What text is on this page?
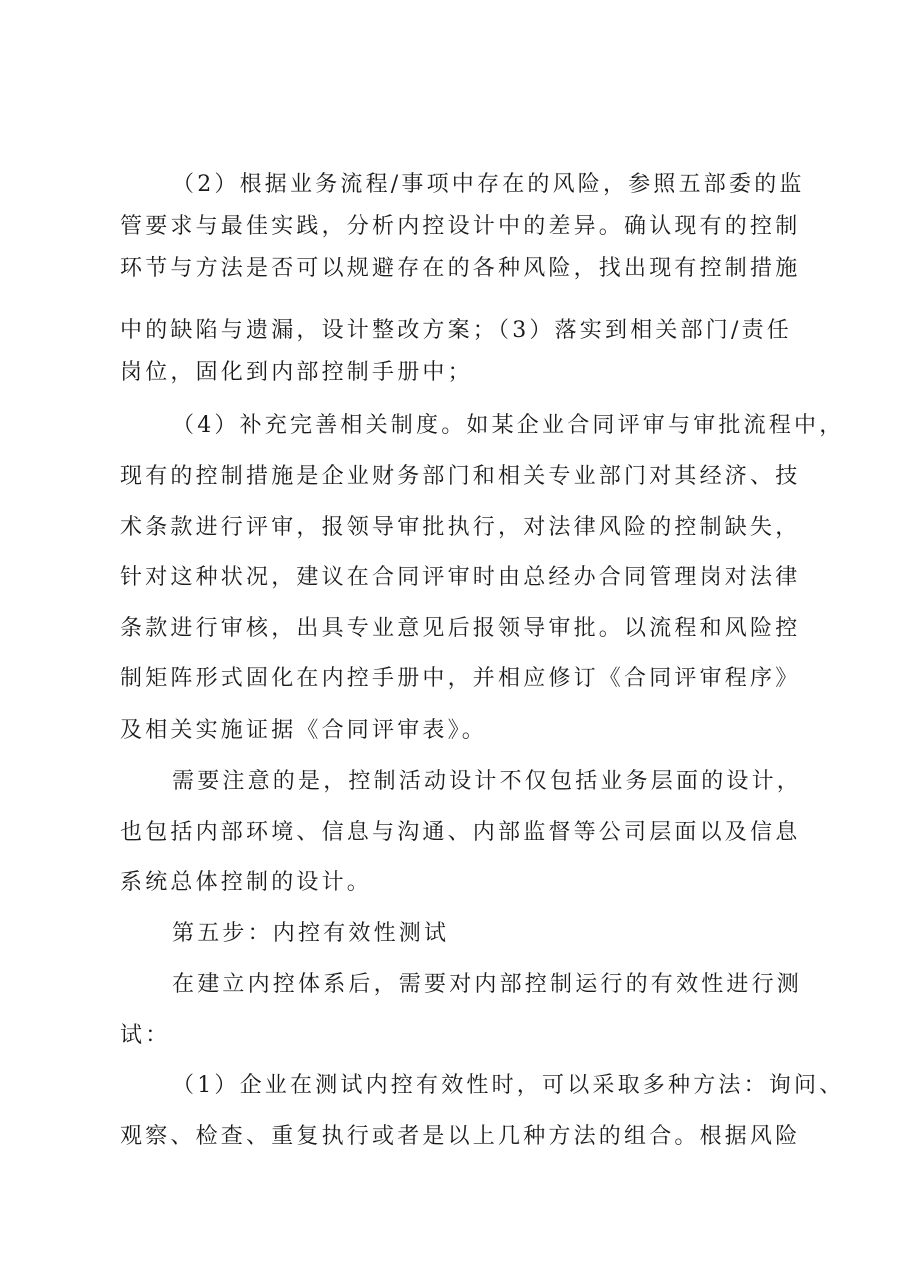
（2）根据业务流程/事项中存在的风险，参照五部委的监
管要求与最佳实践，分析内控设计中的差异。确认现有的控制
环节与方法是否可以规避存在的各种风险，找出现有控制措施
中的缺陷与遗漏，设计整改方案；（3）落实到相关部门/责任
岗位，固化到内部控制手册中；
（4）补充完善相关制度。如某企业合同评审与审批流程中，
现有的控制措施是企业财务部门和相关专业部门对其经济、技
术条款进行评审，报领导审批执行，对法律风险的控制缺失，
针对这种状况，建议在合同评审时由总经办合同管理岗对法律
条款进行审核，出具专业意见后报领导审批。以流程和风险控
制矩阵形式固化在内控手册中，并相应修订《合同评审程序》
及相关实施证据《合同评审表》。
需要注意的是，控制活动设计不仅包括业务层面的设计，
也包括内部环境、信息与沟通、内部监督等公司层面以及信息
系统总体控制的设计。
第五步：内控有效性测试
在建立内控体系后，需要对内部控制运行的有效性进行测
试：
（1）企业在测试内控有效性时，可以采取多种方法：询问、
观察、检查、重复执行或者是以上几种方法的组合。根据风险
